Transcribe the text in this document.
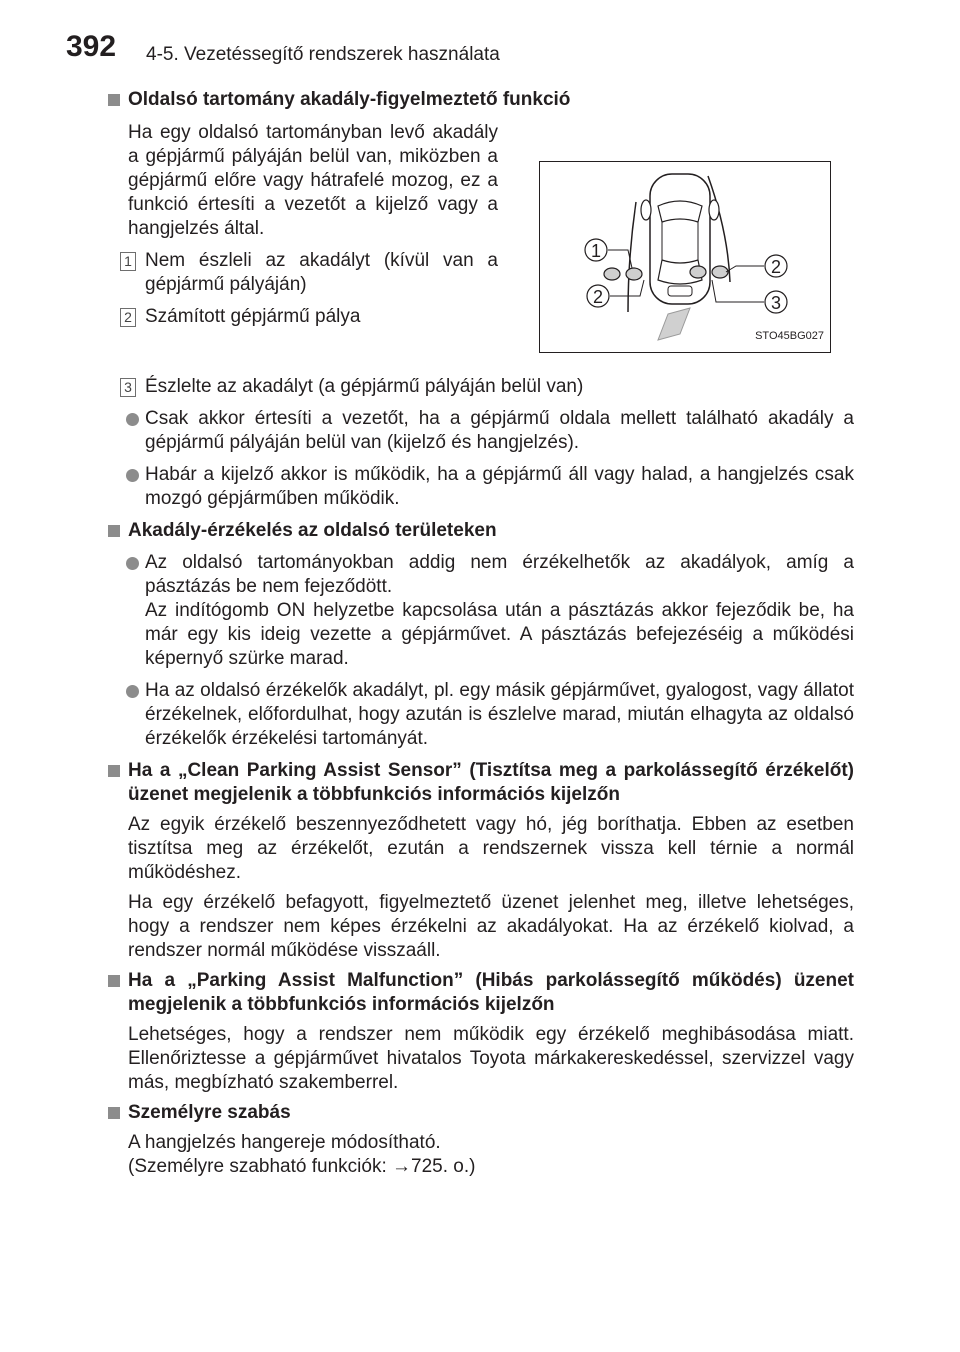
392 4-5. Vezetéssegítő rendszerek használata
Oldalsó tartomány akadály-figyelmeztető funkció
Ha egy oldalsó tartományban levő akadály a gépjármű pályáján belül van, miközben a gépjármű előre vagy hátrafelé mozog, ez a funkció értesíti a vezetőt a kijelző vagy a hangjelzés által.
1 Nem észleli az akadályt (kívül van a gépjármű pályáján)
2 Számított gépjármű pálya
1
2
2
3
STO45BG027
3 Észlelte az akadályt (a gépjármű pályáján belül van)
Csak akkor értesíti a vezetőt, ha a gépjármű oldala mellett található akadály a gépjármű pályáján belül van (kijelző és hangjelzés).
Habár a kijelző akkor is működik, ha a gépjármű áll vagy halad, a hangjelzés csak mozgó gépjárműben működik.
Akadály-érzékelés az oldalsó területeken
Az oldalsó tartományokban addig nem érzékelhetők az akadályok, amíg a pásztázás be nem fejeződött.
Az indítógomb ON helyzetbe kapcsolása után a pásztázás akkor fejeződik be, ha már egy kis ideig vezette a gépjárművet. A pásztázás befejezéséig a működési képernyő szürke marad.
Ha az oldalsó érzékelők akadályt, pl. egy másik gépjárművet, gyalogost, vagy állatot érzékelnek, előfordulhat, hogy azután is észlelve marad, miután elhagyta az oldalsó érzékelők érzékelési tartományát.
Ha a „Clean Parking Assist Sensor” (Tisztítsa meg a parkolássegítő érzékelőt) üzenet megjelenik a többfunkciós információs kijelzőn
Az egyik érzékelő beszennyeződhetett vagy hó, jég boríthatja. Ebben az esetben tisztítsa meg az érzékelőt, ezután a rendszernek vissza kell térnie a normál működéshez.
Ha egy érzékelő befagyott, figyelmeztető üzenet jelenhet meg, illetve lehetséges, hogy a rendszer nem képes érzékelni az akadályokat. Ha az érzékelő kiolvad, a rendszer normál működése visszaáll.
Ha a „Parking Assist Malfunction” (Hibás parkolássegítő működés) üzenet megjelenik a többfunkciós információs kijelzőn
Lehetséges, hogy a rendszer nem működik egy érzékelő meghibásodása miatt. Ellenőriztesse a gépjárművet hivatalos Toyota márkakereskedéssel, szervizzel vagy más, megbízható szakemberrel.
Személyre szabás
A hangjelzés hangereje módosítható.
(Személyre szabható funkciók: →725. o.)
